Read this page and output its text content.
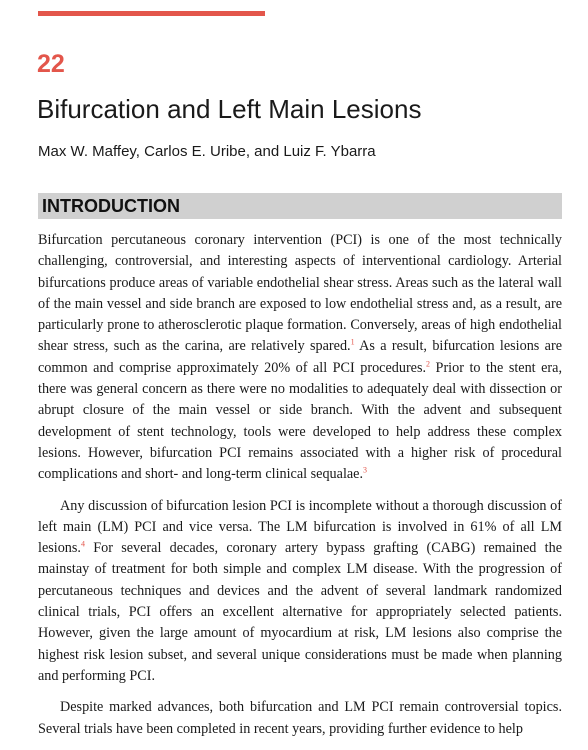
22
Bifurcation and Left Main Lesions
Max W. Maffey, Carlos E. Uribe, and Luiz F. Ybarra
INTRODUCTION

Bifurcation percutaneous coronary intervention (PCI) is one of the most technically challenging, controversial, and interesting aspects of interventional cardiology. Arterial bifurcations produce areas of variable endothelial shear stress. Areas such as the lateral wall of the main vessel and side branch are exposed to low endothelial stress and, as a result, are particularly prone to atherosclerotic plaque formation. Conversely, areas of high endothelial shear stress, such as the carina, are relatively spared.$^1$ As a result, bifurcation lesions are common and comprise approximately 20% of all PCI procedures.$^2$ Prior to the stent era, there was general concern as there were no modalities to adequately deal with dissection or abrupt closure of the main vessel or side branch. With the advent and subsequent development of stent technology, tools were developed to help address these complex lesions. However, bifurcation PCI remains associated with a higher risk of procedural complications and short- and long-term clinical sequalae.$^3$

Any discussion of bifurcation lesion PCI is incomplete without a thorough discussion of left main (LM) PCI and vice versa. The LM bifurcation is involved in 61% of all LM lesions.$^4$ For several decades, coronary artery bypass grafting (CABG) remained the mainstay of treatment for both simple and complex LM disease. With the progression of percutaneous techniques and devices and the advent of several landmark randomized clinical trials, PCI offers an excellent alternative for appropriately selected patients. However, given the large amount of myocardium at risk, LM lesions also comprise the highest risk lesion subset, and several unique considerations must be made when planning and performing PCI.

Despite marked advances, both bifurcation and LM PCI remain controversial topics. Several trials have been completed in recent years, providing further evidence to help
